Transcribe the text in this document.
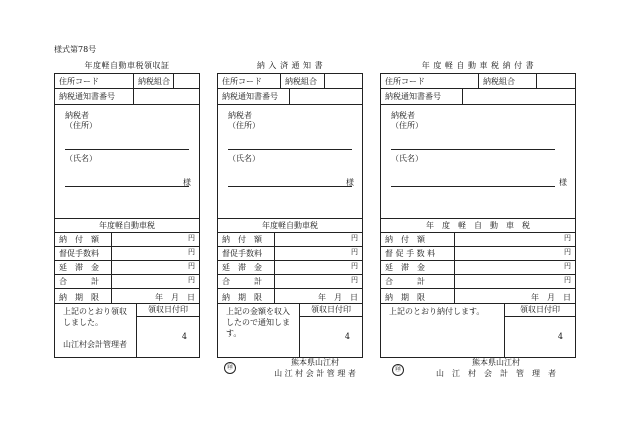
様式第78号
年度軽自動車税領収証
住所コード	納税組合
納税通知書番号
納税者
（住所）
（氏名）
様
年度軽自動車税
納　付　額	円
督促手数料	円
延　滞　金	円
合　　　計	円
納　期　限	年　月　日
上記のとおり領収
しました。

山江村会計管理者
領収日付印
4
納 入 済 通 知 書
住所コード	納税組合
納税通知書番号
納税者
（住所）
（氏名）
様
年度軽自動車税
納　付　額	円
督促手数料	円
延　滞　金	円
合　　　計	円
納　期　限	年　月　日
上記の金額を収入
したので通知しま
す。
領収日付印
4
㊞
熊本県山江村
山 江 村 会 計 管 理 者
年 度 軽 自 動 車 税 納 付 書
住所コード	納税組合
納税通知書番号
納税者
（住所）
（氏名）
様
年　度　軽　自　動　車　税
納　付　額	円
督 促 手 数 料	円
延　滞　金	円
合　　　計	円
納　期　限	年　月　日
上記のとおり納付します。	領収日付印
4
㊞
熊本県山江村
山　江　村　会　計　管　理　者
